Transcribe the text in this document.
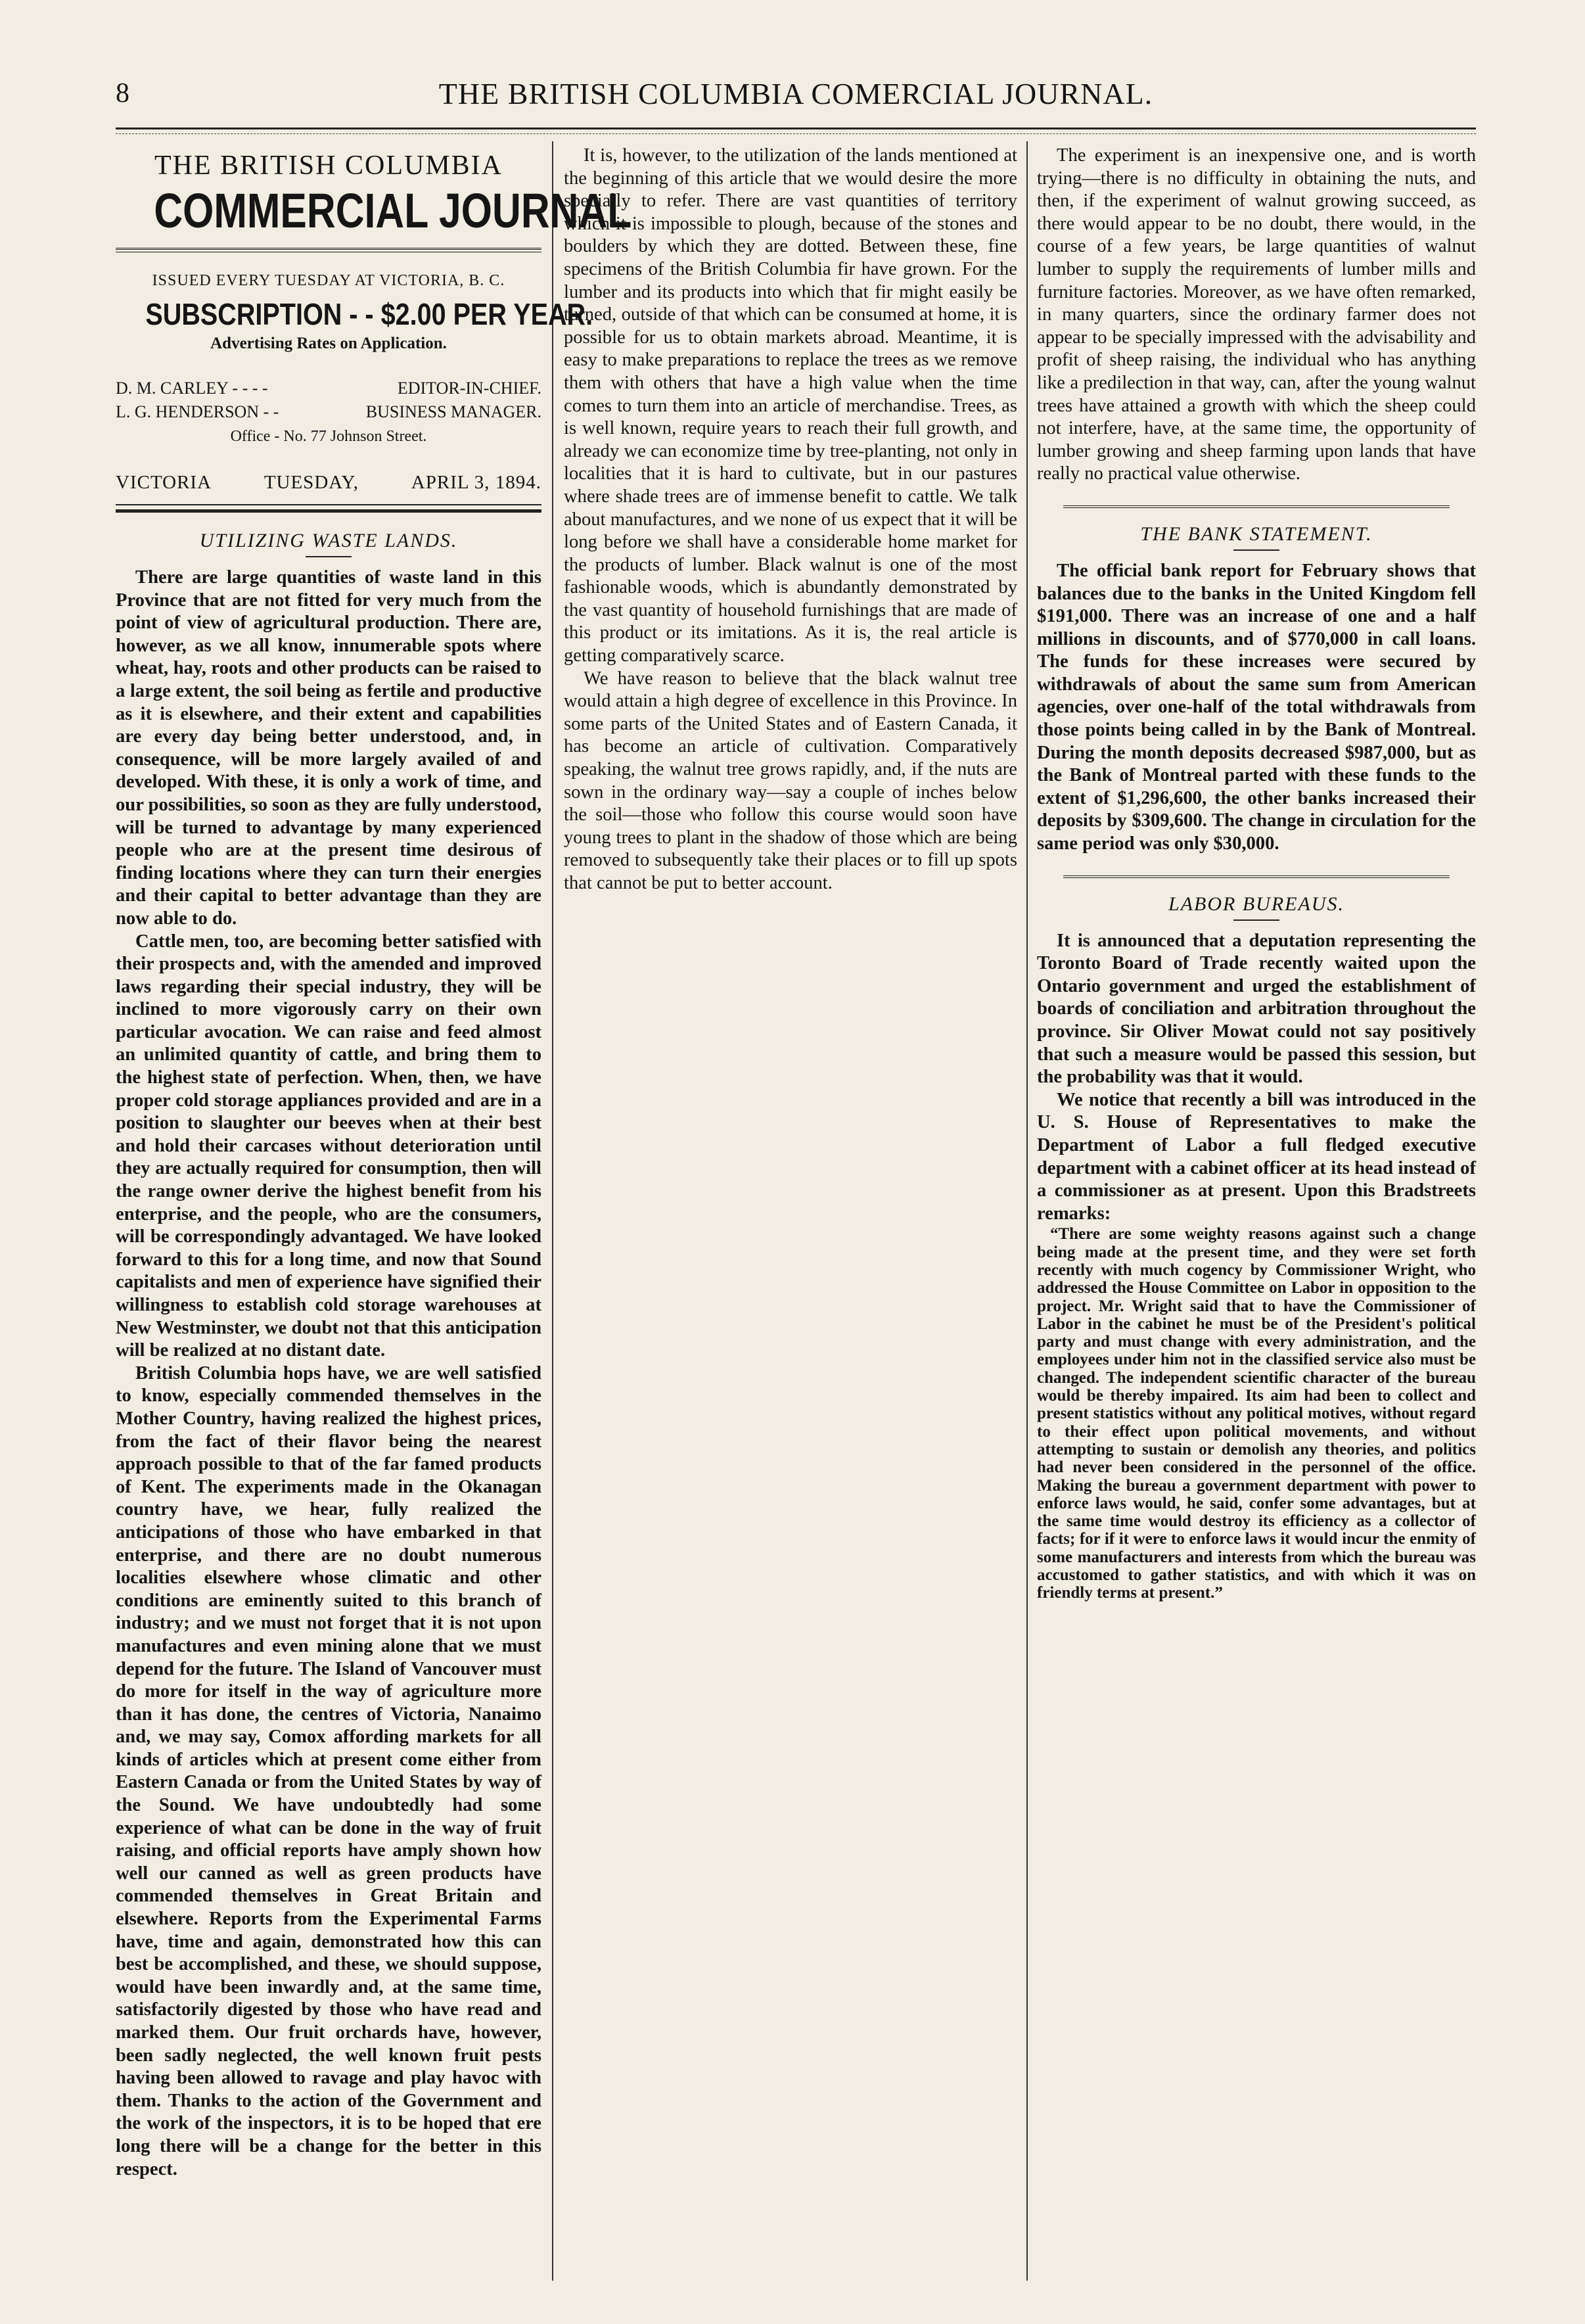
8	THE BRITISH COLUMBIA COMERCIAL JOURNAL.
THE BRITISH COLUMBIA
COMMERCIAL JOURNAL
ISSUED EVERY TUESDAY AT VICTORIA, B. C.
SUBSCRIPTION - - $2.00 PER YEAR.
Advertising Rates on Application.
D. M. CARLEY - - - -	EDITOR-IN-CHIEF.
L. G. HENDERSON - -	BUSINESS MANAGER.
Office - No. 77 Johnson Street.
VICTORIA	TUESDAY,	APRIL 3, 1894.
UTILIZING WASTE LANDS.

There are large quantities of waste land in this Province that are not fitted for very much from the point of view of agricultural production. There are, however, as we all know, innumerable spots where wheat, hay, roots and other products can be raised to a large extent, the soil being as fertile and productive as it is elsewhere, and their extent and capabilities are every day being better understood, and, in consequence, will be more largely availed of and developed. With these, it is only a work of time, and our possibilities, so soon as they are fully understood, will be turned to advantage by many experienced people who are at the present time desirous of finding locations where they can turn their energies and their capital to better advantage than they are now able to do.

Cattle men, too, are becoming better satisfied with their prospects and, with the amended and improved laws regarding their special industry, they will be inclined to more vigorously carry on their own particular avocation. We can raise and feed almost an unlimited quantity of cattle, and bring them to the highest state of perfection. When, then, we have proper cold storage appliances provided and are in a position to slaughter our beeves when at their best and hold their carcases without deterioration until they are actually required for consumption, then will the range owner derive the highest benefit from his enterprise, and the people, who are the consumers, will be correspondingly advantaged. We have looked forward to this for a long time, and now that Sound capitalists and men of experience have signified their willingness to establish cold storage warehouses at New Westminster, we doubt not that this anticipation will be realized at no distant date.

British Columbia hops have, we are well satisfied to know, especially commended themselves in the Mother Country, having realized the highest prices, from the fact of their flavor being the nearest approach possible to that of the far famed products of Kent. The experiments made in the Okanagan country have, we hear, fully realized the anticipations of those who have embarked in that enterprise, and there are no doubt numerous localities elsewhere whose climatic and other conditions are eminently suited to this branch of industry; and we must not forget that it is not upon manufactures and even mining alone that we must depend for the future. The Island of Vancouver must do more for itself in the way of agriculture more than it has done, the centres of Victoria, Nanaimo and, we may say, Comox affording markets for all kinds of articles which at present come either from Eastern Canada or from the United States by way of the Sound. We have undoubtedly had some experience of what can be done in the way of fruit raising, and official reports have amply shown how well our canned as well as green products have commended themselves in Great Britain and elsewhere. Reports from the Experimental Farms have, time and again, demonstrated how this can best be accomplished, and these, we should suppose, would have been inwardly and, at the same time, satisfactorily digested by those who have read and marked them. Our fruit orchards have, however, been sadly neglected, the well known fruit pests having been allowed to ravage and play havoc with them. Thanks to the action of the Government and the work of the inspectors, it is to be hoped that ere long there will be a change for the better in this respect.

It is, however, to the utilization of the lands mentioned at the beginning of this article that we would desire the more specially to refer. There are vast quantities of territory which it is impossible to plough, because of the stones and boulders by which they are dotted. Between these, fine specimens of the British Columbia fir have grown. For the lumber and its products into which that fir might easily be turned, outside of that which can be consumed at home, it is possible for us to obtain markets abroad. Meantime, it is easy to make preparations to replace the trees as we remove them with others that have a high value when the time comes to turn them into an article of merchandise. Trees, as is well known, require years to reach their full growth, and already we can economize time by tree-planting, not only in localities that it is hard to cultivate, but in our pastures where shade trees are of immense benefit to cattle. We talk about manufactures, and we none of us expect that it will be long before we shall have a considerable home market for the products of lumber. Black walnut is one of the most fashionable woods, which is abundantly demonstrated by the vast quantity of household furnishings that are made of this product or its imitations. As it is, the real article is getting comparatively scarce.

We have reason to believe that the black walnut tree would attain a high degree of excellence in this Province. In some parts of the United States and of Eastern Canada, it has become an article of cultivation. Comparatively speaking, the walnut tree grows rapidly, and, if the nuts are sown in the ordinary way—say a couple of inches below the soil—those who follow this course would soon have young trees to plant in the shadow of those which are being removed to subsequently take their places or to fill up spots that cannot be put to better account.

The experiment is an inexpensive one, and is worth trying—there is no difficulty in obtaining the nuts, and then, if the experiment of walnut growing succeed, as there would appear to be no doubt, there would, in the course of a few years, be large quantities of walnut lumber to supply the requirements of lumber mills and furniture factories. Moreover, as we have often remarked, in many quarters, since the ordinary farmer does not appear to be specially impressed with the advisability and profit of sheep raising, the individual who has anything like a predilection in that way, can, after the young walnut trees have attained a growth with which the sheep could not interfere, have, at the same time, the opportunity of lumber growing and sheep farming upon lands that have really no practical value otherwise.

THE BANK STATEMENT.

The official bank report for February shows that balances due to the banks in the United Kingdom fell $191,000. There was an increase of one and a half millions in discounts, and of $770,000 in call loans. The funds for these increases were secured by withdrawals of about the same sum from American agencies, over one-half of the total withdrawals from those points being called in by the Bank of Montreal. During the month deposits decreased $987,000, but as the Bank of Montreal parted with these funds to the extent of $1,296,600, the other banks increased their deposits by $309,600. The change in circulation for the same period was only $30,000.

LABOR BUREAUS.

It is announced that a deputation representing the Toronto Board of Trade recently waited upon the Ontario government and urged the establishment of boards of conciliation and arbitration throughout the province. Sir Oliver Mowat could not say positively that such a measure would be passed this session, but the probability was that it would.

We notice that recently a bill was introduced in the U. S. House of Representatives to make the Department of Labor a full fledged executive department with a cabinet officer at its head instead of a commissioner as at present. Upon this Bradstreets remarks:

“There are some weighty reasons against such a change being made at the present time, and they were set forth recently with much cogency by Commissioner Wright, who addressed the House Committee on Labor in opposition to the project. Mr. Wright said that to have the Commissioner of Labor in the cabinet he must be of the President's political party and must change with every administration, and the employees under him not in the classified service also must be changed. The independent scientific character of the bureau would be thereby impaired. Its aim had been to collect and present statistics without any political motives, without regard to their effect upon political movements, and without attempting to sustain or demolish any theories, and politics had never been considered in the personnel of the office. Making the bureau a government department with power to enforce laws would, he said, confer some advantages, but at the same time would destroy its efficiency as a collector of facts; for if it were to enforce laws it would incur the enmity of some manufacturers and interests from which the bureau was accustomed to gather statistics, and with which it was on friendly terms at present.”
